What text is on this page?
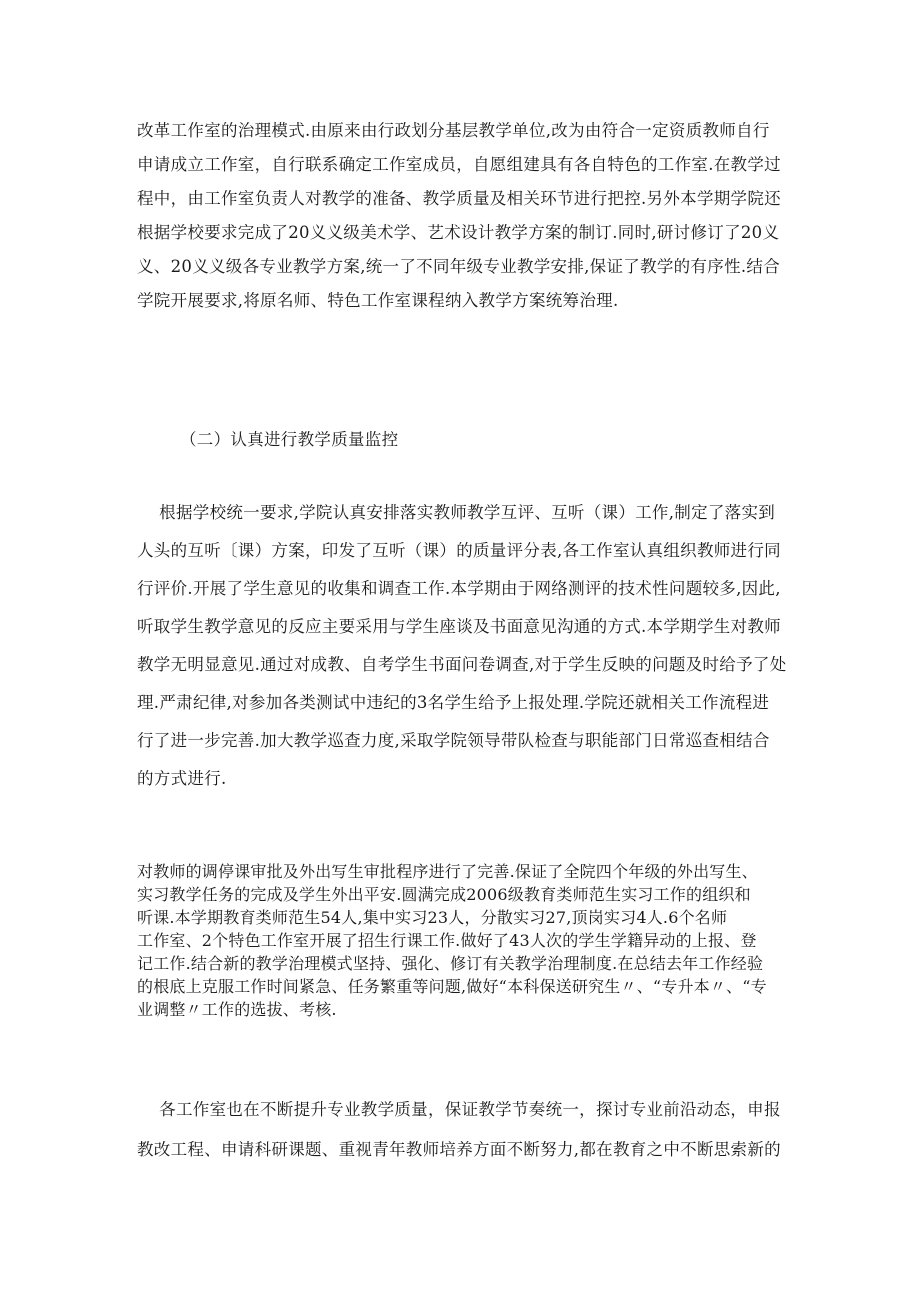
改革工作室的治理模式.由原来由行政划分基层教学单位,改为由符合一定资质教师自行
申请成立工作室，自行联系确定工作室成员，自愿组建具有各自特色的工作室.在教学过
程中，由工作室负责人对教学的准备、教学质量及相关环节进行把控.另外本学期学院还
根据学校要求完成了20义义级美术学、艺术设计教学方案的制订.同时,研讨修订了20义
义、20义义级各专业教学方案,统一了不同年级专业教学安排,保证了教学的有序性.结合
学院开展要求,将原名师、特色工作室课程纳入教学方案统筹治理.
（二）认真进行教学质量监控
根据学校统一要求,学院认真安排落实教师教学互评、互听（课）工作,制定了落实到
人头的互听〔课）方案，印发了互听（课）的质量评分表,各工作室认真组织教师进行同
行评价.开展了学生意见的收集和调查工作.本学期由于网络测评的技术性问题较多,因此,
听取学生教学意见的反应主要采用与学生座谈及书面意见沟通的方式.本学期学生对教师
教学无明显意见.通过对成教、自考学生书面问卷调查,对于学生反映的问题及时给予了处
理.严肃纪律,对参加各类测试中违纪的3名学生给予上报处理.学院还就相关工作流程进
行了进一步完善.加大教学巡查力度,采取学院领导带队检查与职能部门日常巡查相结合
的方式进行.
对教师的调停课审批及外出写生审批程序进行了完善.保证了全院四个年级的外出写生、
实习教学任务的完成及学生外出平安.圆满完成2006级教育类师范生实习工作的组织和
听课.本学期教育类师范生54人,集中实习23人，分散实习27,顶岗实习4人.6个名师
工作室、2个特色工作室开展了招生行课工作.做好了43人次的学生学籍异动的上报、登
记工作.结合新的教学治理模式坚持、强化、修订有关教学治理制度.在总结去年工作经验
的根底上克服工作时间紧急、任务繁重等问题,做好“本科保送研究生〃、“专升本〃、“专
业调整〃工作的选拔、考核.
各工作室也在不断提升专业教学质量，保证教学节奏统一，探讨专业前沿动态，申报
教改工程、申请科研课题、重视青年教师培养方面不断努力,都在教育之中不断思索新的
